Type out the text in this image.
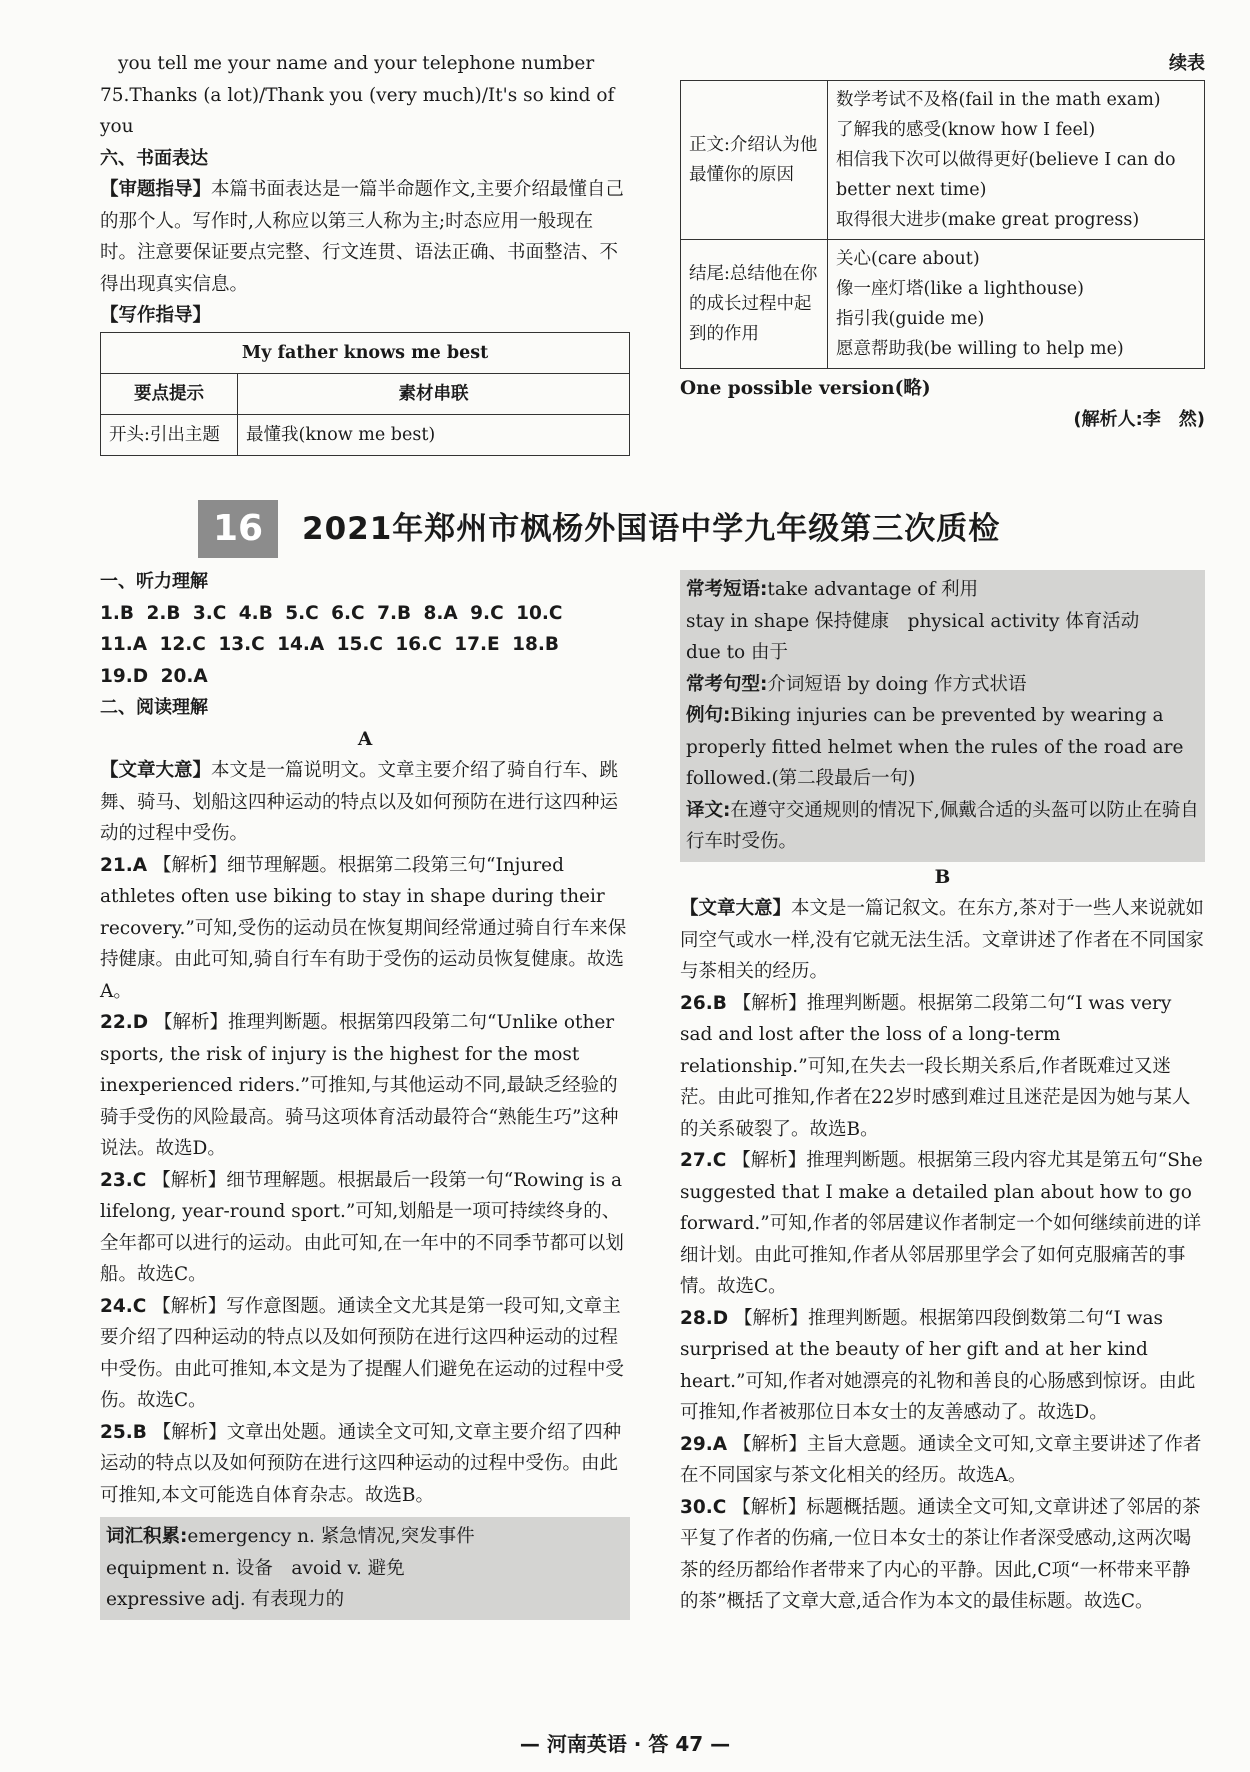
you tell me your name and your telephone number

75.Thanks (a lot)/Thank you (very much)/It's so kind of you

六、书面表达

【审题指导】本篇书面表达是一篇半命题作文,主要介绍最懂自己的那个人。写作时,人称应以第三人称为主;时态应用一般现在时。注意要保证要点完整、行文连贯、语法正确、书面整洁、不得出现真实信息。

【写作指导】

My father knows me best	
要点提示	素材串联
开头:引出主题	最懂我(know me best)

续表

正文:介绍认为他最懂你的原因	数学考试不及格(fail in the math exam)
了解我的感受(know how I feel)
相信我下次可以做得更好(believe I can do better next time)
取得很大进步(make great progress)

结尾:总结他在你的成长过程中起到的作用	关心(care about)
像一座灯塔(like a lighthouse)
指引我(guide me)
愿意帮助我(be willing to help me)

One possible version(略)

(解析人:李　然)

16	2021年郑州市枫杨外国语中学九年级第三次质检

一、听力理解

1.B 2.B 3.C 4.B 5.C 6.C 7.B 8.A 9.C 10.C

11.A 12.C 13.C 14.A 15.C 16.C 17.E 18.B

19.D 20.A

二、阅读理解

A

【文章大意】本文是一篇说明文。文章主要介绍了骑自行车、跳舞、骑马、划船这四种运动的特点以及如何预防在进行这四种运动的过程中受伤。

21.A 【解析】细节理解题。根据第二段第三句“Injured athletes often use biking to stay in shape during their recovery.”可知,受伤的运动员在恢复期间经常通过骑自行车来保持健康。由此可知,骑自行车有助于受伤的运动员恢复健康。故选A。

22.D 【解析】推理判断题。根据第四段第二句“Unlike other sports, the risk of injury is the highest for the most inexperienced riders.”可推知,与其他运动不同,最缺乏经验的骑手受伤的风险最高。骑马这项体育活动最符合“熟能生巧”这种说法。故选D。

23.C 【解析】细节理解题。根据最后一段第一句“Rowing is a lifelong, year-round sport.”可知,划船是一项可持续终身的、全年都可以进行的运动。由此可知,在一年中的不同季节都可以划船。故选C。

24.C 【解析】写作意图题。通读全文尤其是第一段可知,文章主要介绍了四种运动的特点以及如何预防在进行这四种运动的过程中受伤。由此可推知,本文是为了提醒人们避免在运动的过程中受伤。故选C。

25.B 【解析】文章出处题。通读全文可知,文章主要介绍了四种运动的特点以及如何预防在进行这四种运动的过程中受伤。由此可推知,本文可能选自体育杂志。故选B。

词汇积累:emergency n. 紧急情况,突发事件
equipment n. 设备　avoid v. 避免
expressive adj. 有表现力的
常考短语:take advantage of 利用
stay in shape 保持健康　physical activity 体育活动
due to 由于
常考句型:介词短语 by doing 作方式状语
例句:Biking injuries can be prevented by wearing a properly fitted helmet when the rules of the road are followed.(第二段最后一句)
译文:在遵守交通规则的情况下,佩戴合适的头盔可以防止在骑自行车时受伤。

B

【文章大意】本文是一篇记叙文。在东方,茶对于一些人来说就如同空气或水一样,没有它就无法生活。文章讲述了作者在不同国家与茶相关的经历。

26.B 【解析】推理判断题。根据第二段第二句“I was very sad and lost after the loss of a long-term relationship.”可知,在失去一段长期关系后,作者既难过又迷茫。由此可推知,作者在22岁时感到难过且迷茫是因为她与某人的关系破裂了。故选B。

27.C 【解析】推理判断题。根据第三段内容尤其是第五句“She suggested that I make a detailed plan about how to go forward.”可知,作者的邻居建议作者制定一个如何继续前进的详细计划。由此可推知,作者从邻居那里学会了如何克服痛苦的事情。故选C。

28.D 【解析】推理判断题。根据第四段倒数第二句“I was surprised at the beauty of her gift and at her kind heart.”可知,作者对她漂亮的礼物和善良的心肠感到惊讶。由此可推知,作者被那位日本女士的友善感动了。故选D。

29.A 【解析】主旨大意题。通读全文可知,文章主要讲述了作者在不同国家与茶文化相关的经历。故选A。

30.C 【解析】标题概括题。通读全文可知,文章讲述了邻居的茶平复了作者的伤痛,一位日本女士的茶让作者深受感动,这两次喝茶的经历都给作者带来了内心的平静。因此,C项“一杯带来平静的茶”概括了文章大意,适合作为本文的最佳标题。故选C。

— 河南英语 · 答 47 —
